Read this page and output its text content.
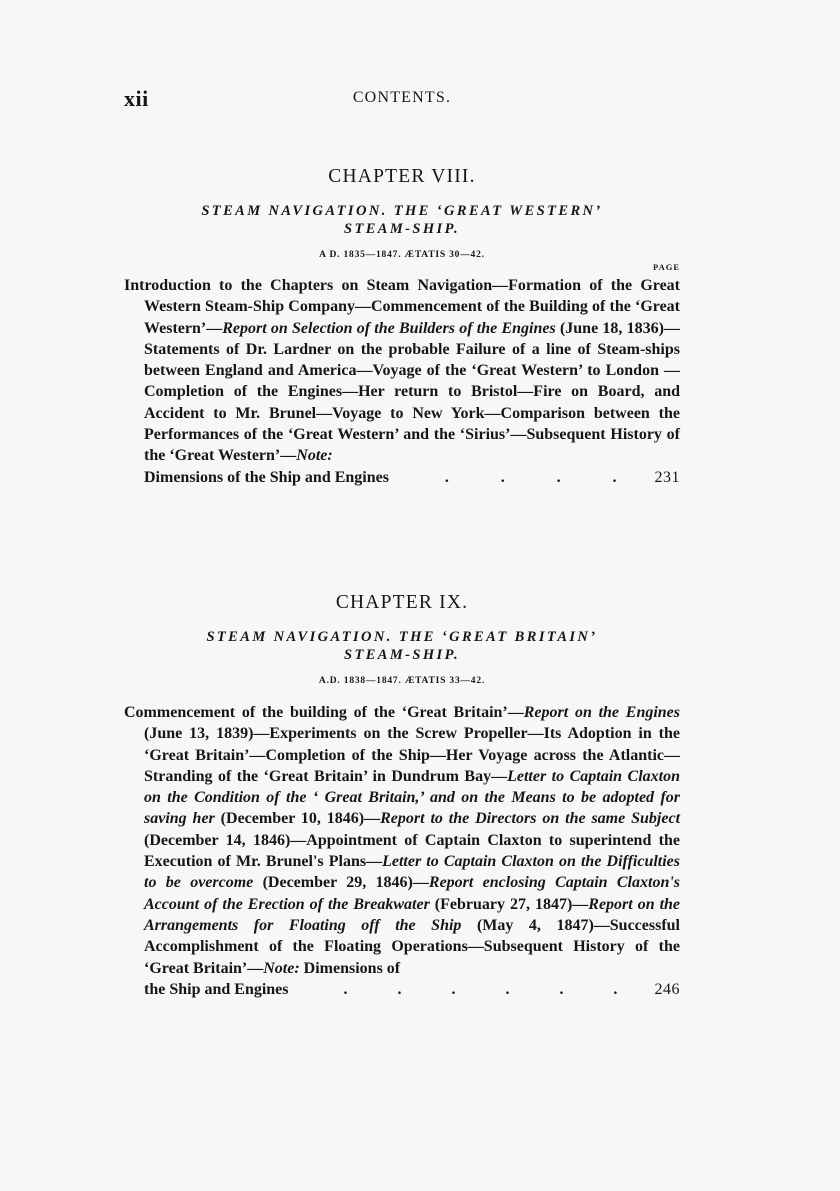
xii	CONTENTS.
CHAPTER VIII.
STEAM NAVIGATION. THE ‘GREAT WESTERN’
STEAM-SHIP.
A D. 1835—1847. ÆTATIS 30—42.
PAGE
Introduction to the Chapters on Steam Navigation—Formation of the Great Western Steam-Ship Company—Commencement of the Building of the ‘Great Western’—Report on Selection of the Builders of the Engines (June 18, 1836)—Statements of Dr. Lardner on the probable Failure of a line of Steam-ships between England and America—Voyage of the ‘Great Western’ to London —Completion of the Engines—Her return to Bristol—Fire on Board, and Accident to Mr. Brunel—Voyage to New York—Comparison between the Performances of the ‘Great Western’ and the ‘Sirius’—Subsequent History of the ‘Great Western’—Note:
Dimensions of the Ship and Engines	.	.	.	. 231
CHAPTER IX.
STEAM NAVIGATION. THE ‘GREAT BRITAIN’
STEAM-SHIP.
A.D. 1838—1847. ÆTATIS 33—42.
Commencement of the building of the ‘Great Britain’—Report on the Engines (June 13, 1839)—Experiments on the Screw Propeller—Its Adoption in the ‘Great Britain’—Completion of the Ship—Her Voyage across the Atlantic—Stranding of the ‘Great Britain’ in Dundrum Bay—Letter to Captain Claxton on the Condition of the ‘ Great Britain,’ and on the Means to be adopted for saving her (December 10, 1846)—Report to the Directors on the same Subject (December 14, 1846)—Appointment of Captain Claxton to superintend the Execution of Mr. Brunel's Plans—Letter to Captain Claxton on the Difficulties to be overcome (December 29, 1846)—Report enclosing Captain Claxton's Account of the Erection of the Breakwater (February 27, 1847)—Report on the Arrangements for Floating off the Ship (May 4, 1847)—Successful Accomplishment of the Floating Operations—Subsequent History of the ‘Great Britain’—Note: Dimensions of
the Ship and Engines	.	.	.	.	.	. 246
